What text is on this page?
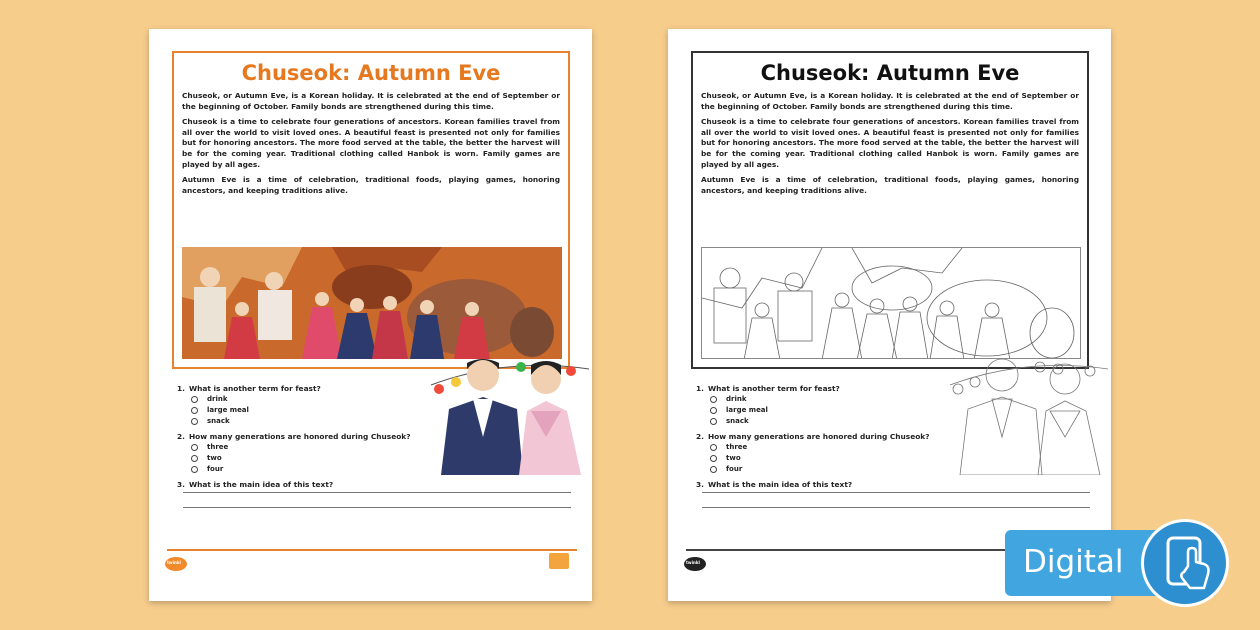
Chuseok: Autumn Eve

Chuseok, or Autumn Eve, is a Korean holiday. It is celebrated at the end of September or the beginning of October. Family bonds are strengthened during this time.

Chuseok is a time to celebrate four generations of ancestors. Korean families travel from all over the world to visit loved ones. A beautiful feast is presented not only for families but for honoring ancestors. The more food served at the table, the better the harvest will be for the coming year. Traditional clothing called Hanbok is worn. Family games are played by all ages.

Autumn Eve is a time of celebration, traditional foods, playing games, honoring ancestors, and keeping traditions alive.

1. What is another term for feast?
drink
large meal
snack
2. How many generations are honored during Chuseok?
three
two
four
3. What is the main idea of this text?
twinkl
Chuseok: Autumn Eve

Chuseok, or Autumn Eve, is a Korean holiday. It is celebrated at the end of September or the beginning of October. Family bonds are strengthened during this time.

Chuseok is a time to celebrate four generations of ancestors. Korean families travel from all over the world to visit loved ones. A beautiful feast is presented not only for families but for honoring ancestors. The more food served at the table, the better the harvest will be for the coming year. Traditional clothing called Hanbok is worn. Family games are played by all ages.

Autumn Eve is a time of celebration, traditional foods, playing games, honoring ancestors, and keeping traditions alive.

1. What is another term for feast?
drink
large meal
snack
2. How many generations are honored during Chuseok?
three
two
four
3. What is the main idea of this text?
twinkl	Digital
